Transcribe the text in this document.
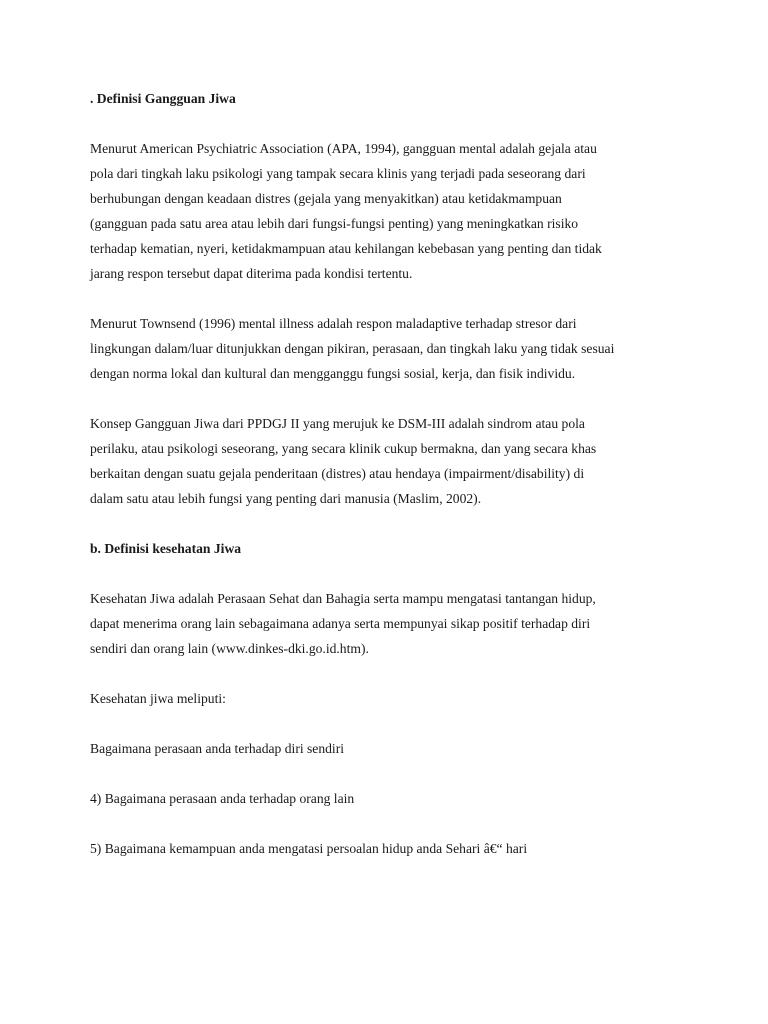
. Definisi Gangguan Jiwa
Menurut American Psychiatric Association (APA, 1994), gangguan mental adalah gejala atau
pola dari tingkah laku psikologi yang tampak secara klinis yang terjadi pada seseorang dari
berhubungan dengan keadaan distres (gejala yang menyakitkan) atau ketidakmampuan
(gangguan pada satu area atau lebih dari fungsi-fungsi penting) yang meningkatkan risiko
terhadap kematian, nyeri, ketidakmampuan atau kehilangan kebebasan yang penting dan tidak
jarang respon tersebut dapat diterima pada kondisi tertentu.
Menurut Townsend (1996) mental illness adalah respon maladaptive terhadap stresor dari
lingkungan dalam/luar ditunjukkan dengan pikiran, perasaan, dan tingkah laku yang tidak sesuai
dengan norma lokal dan kultural dan mengganggu fungsi sosial, kerja, dan fisik individu.
Konsep Gangguan Jiwa dari PPDGJ II yang merujuk ke DSM-III adalah sindrom atau pola
perilaku, atau psikologi seseorang, yang secara klinik cukup bermakna, dan yang secara khas
berkaitan dengan suatu gejala penderitaan (distres) atau hendaya (impairment/disability) di
dalam satu atau lebih fungsi yang penting dari manusia (Maslim, 2002).
b. Definisi kesehatan Jiwa
Kesehatan Jiwa adalah Perasaan Sehat dan Bahagia serta mampu mengatasi tantangan hidup,
dapat menerima orang lain sebagaimana adanya serta mempunyai sikap positif terhadap diri
sendiri dan orang lain (www.dinkes-dki.go.id.htm).
Kesehatan jiwa meliputi:
Bagaimana perasaan anda terhadap diri sendiri
4) Bagaimana perasaan anda terhadap orang lain
5) Bagaimana kemampuan anda mengatasi persoalan hidup anda Sehari â€“ hari
